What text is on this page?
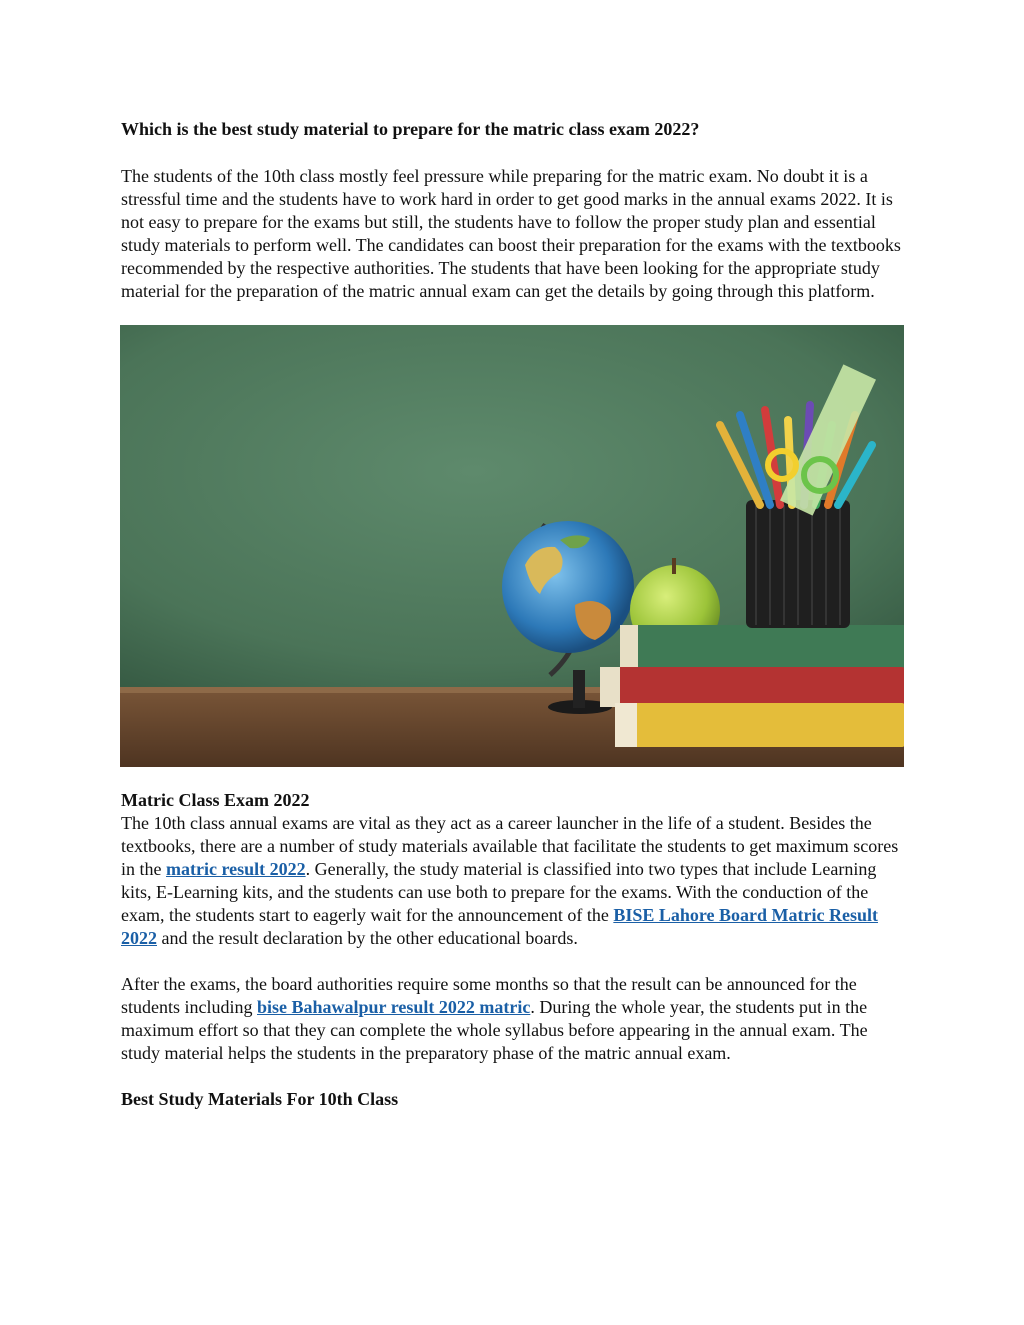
Which is the best study material to prepare for the matric class exam 2022?

The students of the 10th class mostly feel pressure while preparing for the matric exam. No doubt it is a stressful time and the students have to work hard in order to get good marks in the annual exams 2022. It is not easy to prepare for the exams but still, the students have to follow the proper study plan and essential study materials to perform well. The candidates can boost their preparation for the exams with the textbooks recommended by the respective authorities. The students that have been looking for the appropriate study material for the preparation of the matric annual exam can get the details by going through this platform.

Matric Class Exam 2022

The 10th class annual exams are vital as they act as a career launcher in the life of a student. Besides the textbooks, there are a number of study materials available that facilitate the students to get maximum scores in the matric result 2022. Generally, the study material is classified into two types that include Learning kits, E-Learning kits, and the students can use both to prepare for the exams. With the conduction of the exam, the students start to eagerly wait for the announcement of the BISE Lahore Board Matric Result 2022 and the result declaration by the other educational boards.

After the exams, the board authorities require some months so that the result can be announced for the students including bise Bahawalpur result 2022 matric. During the whole year, the students put in the maximum effort so that they can complete the whole syllabus before appearing in the annual exam. The study material helps the students in the preparatory phase of the matric annual exam.

Best Study Materials For 10th Class
